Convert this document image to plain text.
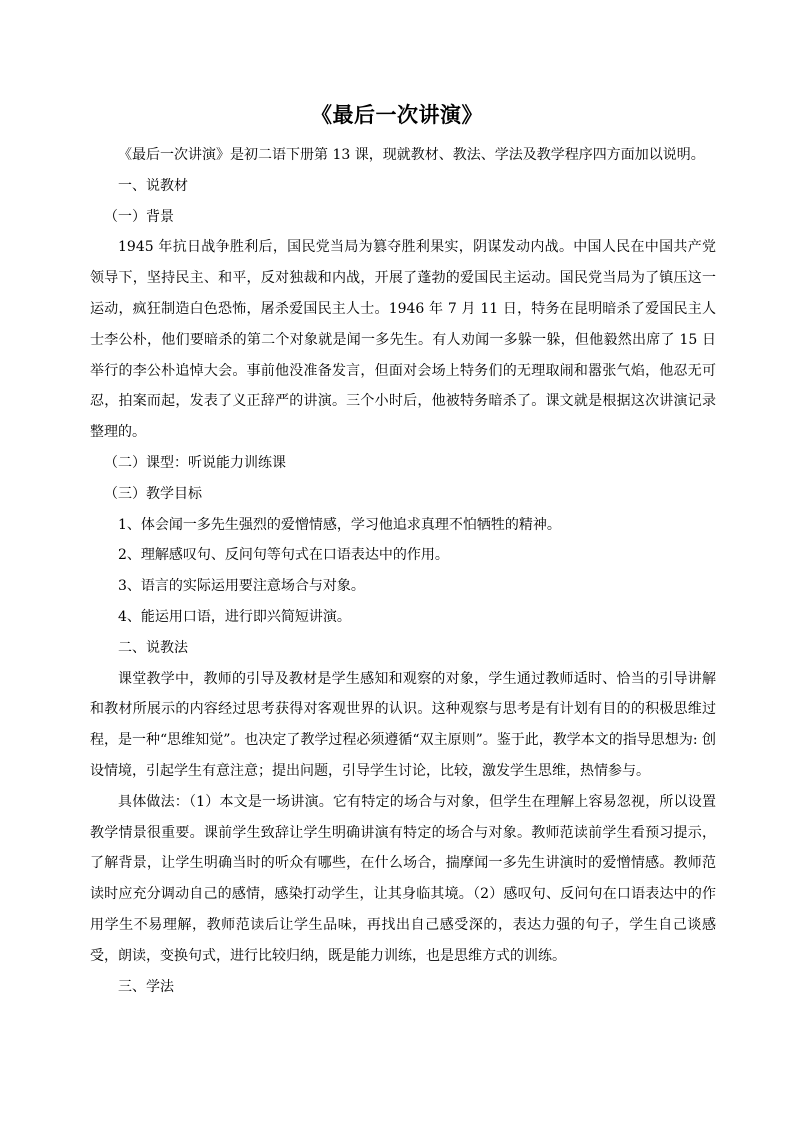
《最后一次讲演》

《最后一次讲演》是初二语下册第 13 课，现就教材、教法、学法及教学程序四方面加以说明。

一、说教材

（一）背景

1945 年抗日战争胜利后，国民党当局为篡夺胜利果实，阴谋发动内战。中国人民在中国共产党领导下，坚持民主、和平，反对独裁和内战，开展了蓬勃的爱国民主运动。国民党当局为了镇压这一运动，疯狂制造白色恐怖，屠杀爱国民主人士。1946 年 7 月 11 日，特务在昆明暗杀了爱国民主人士李公朴，他们要暗杀的第二个对象就是闻一多先生。有人劝闻一多躲一躲，但他毅然出席了 15 日举行的李公朴追悼大会。事前他没准备发言，但面对会场上特务们的无理取闹和嚣张气焰，他忍无可忍，拍案而起，发表了义正辞严的讲演。三个小时后，他被特务暗杀了。课文就是根据这次讲演记录整理的。

（二）课型：听说能力训练课

（三）教学目标

1、体会闻一多先生强烈的爱憎情感，学习他追求真理不怕牺牲的精神。

2、理解感叹句、反问句等句式在口语表达中的作用。

3、语言的实际运用要注意场合与对象。

4、能运用口语，进行即兴简短讲演。

二、说教法

课堂教学中，教师的引导及教材是学生感知和观察的对象，学生通过教师适时、恰当的引导讲解和教材所展示的内容经过思考获得对客观世界的认识。这种观察与思考是有计划有目的的积极思维过程，是一种“思维知觉”。也决定了教学过程必须遵循“双主原则”。鉴于此，教学本文的指导思想为: 创设情境，引起学生有意注意；提出问题，引导学生讨论，比较，激发学生思维，热情参与。

具体做法：（1）本文是一场讲演。它有特定的场合与对象，但学生在理解上容易忽视，所以设置教学情景很重要。课前学生致辞让学生明确讲演有特定的场合与对象。教师范读前学生看预习提示，了解背景，让学生明确当时的听众有哪些，在什么场合，揣摩闻一多先生讲演时的爱憎情感。教师范读时应充分调动自己的感情，感染打动学生，让其身临其境。（2）感叹句、反问句在口语表达中的作用学生不易理解，教师范读后让学生品味，再找出自己感受深的，表达力强的句子，学生自己谈感受，朗读，变换句式，进行比较归纳，既是能力训练，也是思维方式的训练。

三、学法
